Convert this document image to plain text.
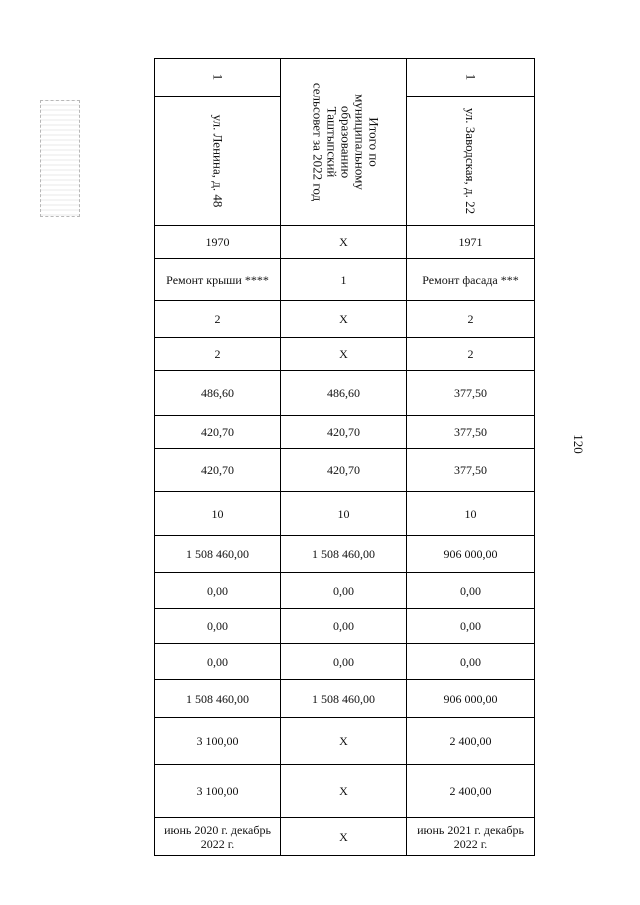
1	Итого по муниципальному образованию Таштыпский сельсовет за 2022 год	1
ул. Ленина, д. 48		ул. Заводская, д. 22
1970	Х	1971
Ремонт крыши ****	1	Ремонт фасада ***
2	Х	2
2	Х	2
486,60	486,60	377,50
420,70	420,70	377,50
420,70	420,70	377,50
10	10	10
1 508 460,00	1 508 460,00	906 000,00
0,00	0,00	0,00
0,00	0,00	0,00
0,00	0,00	0,00
1 508 460,00	1 508 460,00	906 000,00
3 100,00	Х	2 400,00
3 100,00	Х	2 400,00
июнь 2020 г. декабрь 2022 г.	Х	июнь 2021 г. декабрь 2022 г.
120
